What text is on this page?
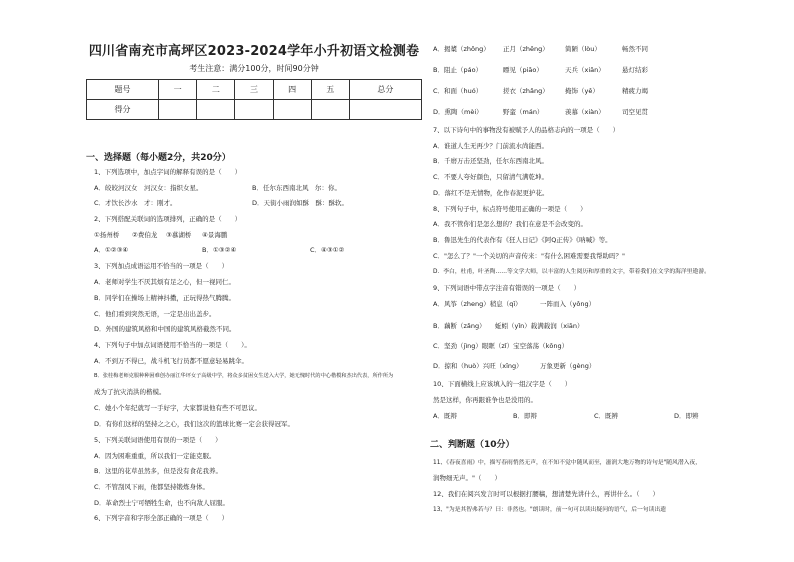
四川省南充市高坪区2023-2024学年小升初语文检测卷
考生注意：满分100分，时间90分钟
题号	一	二	三	四	五	总分
得分						
一、选择题（每小题2分，共20分）
1、下列选项中，加点字词的解释有误的是（　　）
A．皎皎河汉女　河汉女：指织女星。	B．任尔东西南北风　尔：你。
C．才饮长沙水　才：刚才。	D．天街小雨润如酥　酥：酥软。
2、下列搭配关联词的选项排列，正确的是（　　）
①扬州桥 ②费伯龙 ③慕湖桥 ④景海鹏
A．①②③④	B．①③②④	C．④③①②
3、下列加点成语运用不恰当的一项是（　　）
A．老师对学生不厌其烦有足之心，但一视同仁。
B．同学们在操场上精神抖擞，正玩得热气腾腾。
C．他们看到突然无语，一定是出出盖步。
D．外国的建筑风格和中国的建筑风格截然不同。
4、下列句子中加点词语使用不恰当的一项是（　　）。
A．不到万不得已，战斗机飞行员都不愿意轻易跳伞。
B．张桂梅老师克服种种困难创办丽江华坪女子高级中学，将众多贫困女生送入大学，她无愧时代的中心楷模和杰出代表，所作所为
成为了抗灾消洪的楷模。
C．她小个年纪就写一手好字，大家都说他有些不可思议。
D．有你们这样的坚持之之心，我们这次的篮球比赛一定会获得冠军。
5、下列关联词语使用有误的一项是（　　）
A．因为困难重重，所以我们一定能克服。
B．这里的花草虽然多，但是没有食花我养。
C．不管刮风下雨，他都坚持锻炼身体。
D．革命烈士宁可牺牲生命，也不向敌人屈服。
6、下列字音和字形全部正确的一项是（　　）
A．揭橥（zhōng） 正月（zhēng） 简陋（lòu）	畅然不同
B．阻止（páo）	瞟见（piāo）	天兵（xiān）	悬灯结彩
C．和面（huó）	搓衣（zhǎng） 掩饰（yě）	精疲力竭
D．熏陶（mèi）	野蛮（mán）	羡慕（xiàn）	司空见贯
7、以下诗句中的事物没有被赋予人的品格志向的一项是（　　）
A．谁道人生无再少？门前流水尚能西。
B．千磨万击还坚劲，任尔东西南北风。
C．不要人夸好颜色，只留清气满乾坤。
D．落红不是无情物，化作春泥更护花。
8、下列句子中，标点符号使用正确的一项是（　　）
A．我不管你们是怎么想的？我们在意是不会改变的。
B．鲁迅先生的代表作有《狂人日记》《阿Q正传》《呐喊》等。
C．"怎么了？"一个关切的声音传来："有什么困难需要我帮助吗？"
D．李白，杜甫，叶圣陶……等文学大师，以丰富的人生阅历和厚重的文字，带着我们在文学的海洋里遨游。
9、下列词语中带点字注音有错误的一项是（　　）
A．风筝（zheng）稍息（qī）	一阵而入（yǒng）
B．藕断（zǎng） 蚯蚓（yǐn）载满载润（xiān）
C．坚劲（jìng）眼眶（zǐ）宝空落荡（kōng）
D．掠和（huò）兴旺（xīng）	万象更新（gèng）
10、下面横线上应该填入的一组汉字是（　　）
然是这样，你再跟谁争也是没用的。
A．既辩	B．即辩	C．既辨	D．即辨
二、判断题（10分）
11、《春夜喜雨》中，描写春雨悄然无声，在不知不觉中随风而至，滋润大地万物的诗句是"随风潜入夜，
润物细无声。"（　　）
12、我们在阅兴发言时可以根据打腰稿，想清楚先讲什么，再讲什么。（　　）
13、"为是其智弗若与？曰：非然也。"朗读时，前一句可以读出疑问的语气，后一句读出遗
